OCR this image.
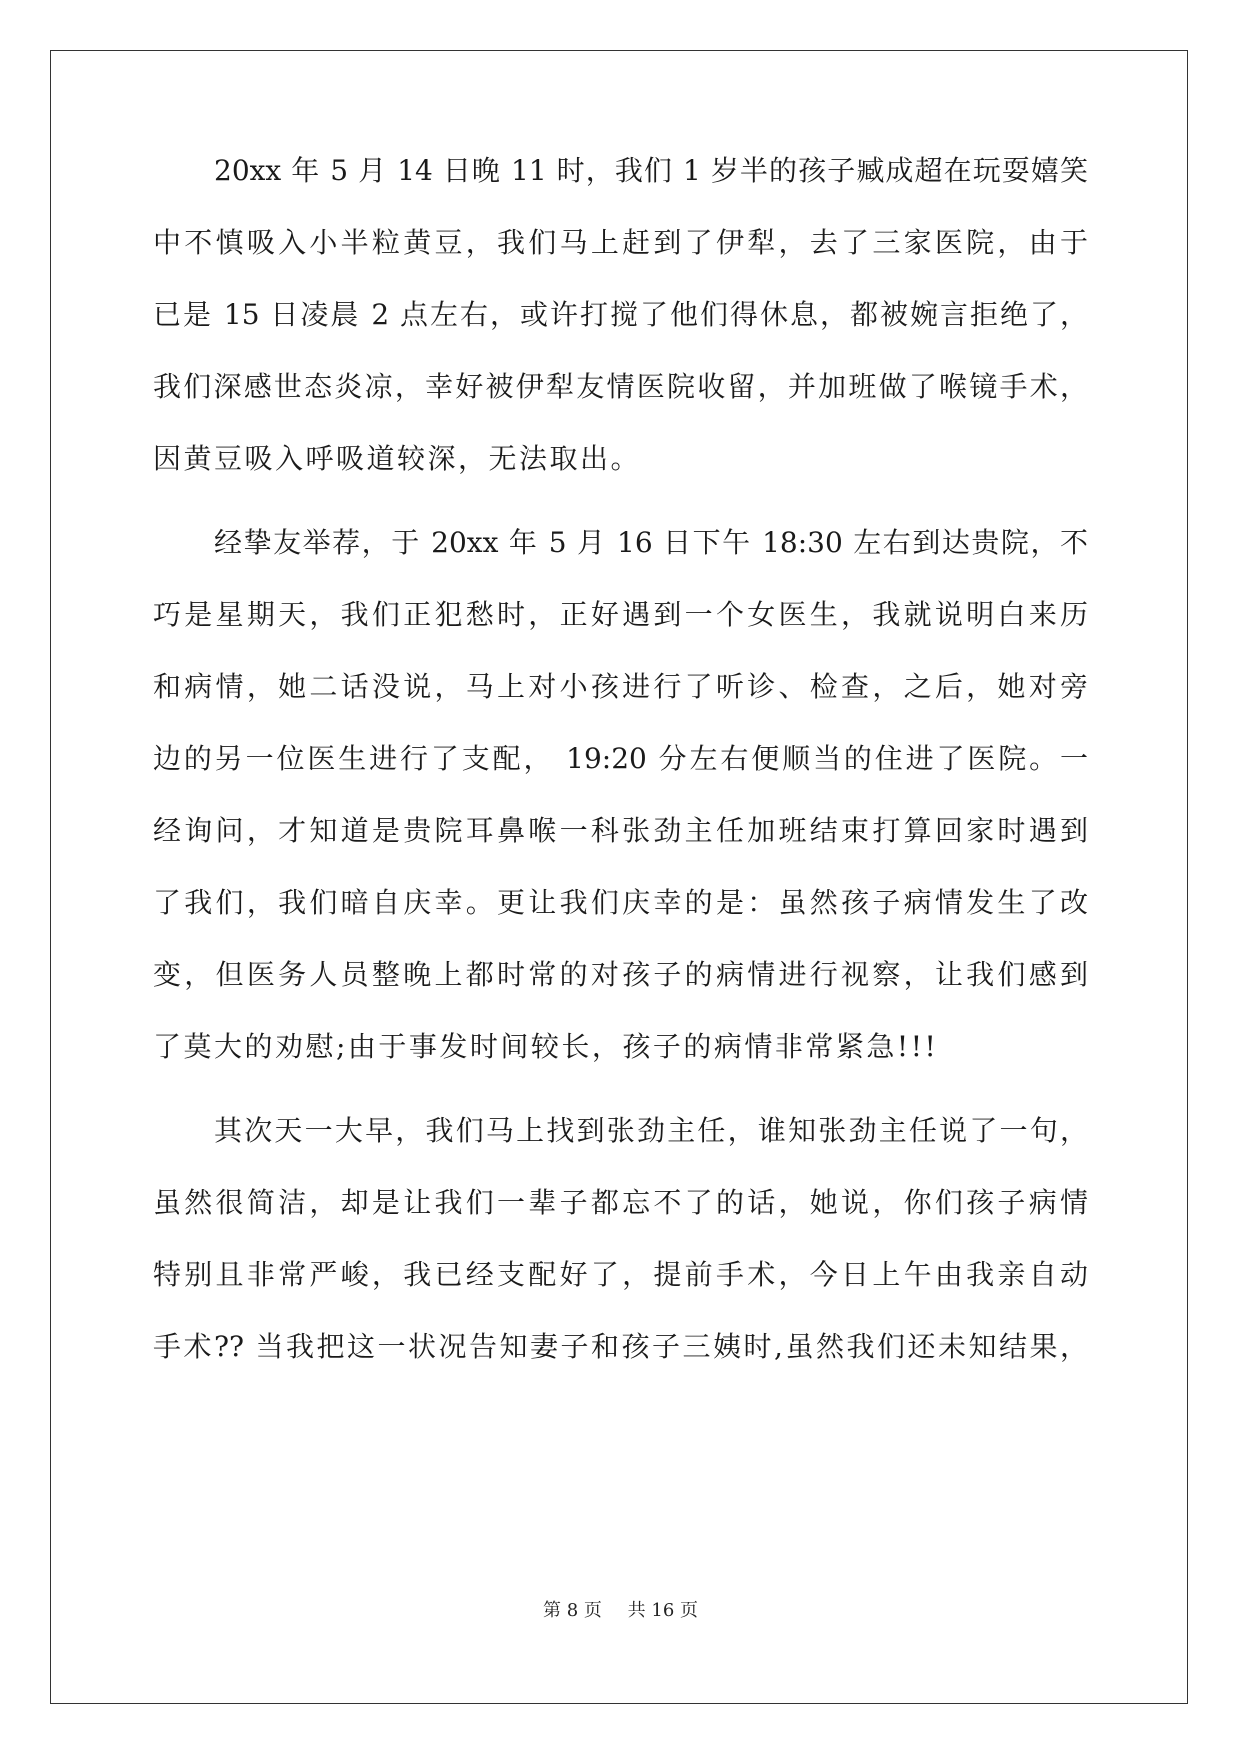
20xx 年 5 月 14 日晚 11 时，我们 1 岁半的孩子臧成超在玩耍嬉笑
中不慎吸入小半粒黄豆，我们马上赶到了伊犁，去了三家医院，由于
已是 15 日凌晨 2 点左右，或许打搅了他们得休息，都被婉言拒绝了，
我们深感世态炎凉，幸好被伊犁友情医院收留，并加班做了喉镜手术，
因黄豆吸入呼吸道较深，无法取出。
经挚友举荐，于 20xx 年 5 月 16 日下午 18:30 左右到达贵院，不
巧是星期天，我们正犯愁时，正好遇到一个女医生，我就说明白来历
和病情，她二话没说，马上对小孩进行了听诊、检查，之后，她对旁
边的另一位医生进行了支配， 19:20 分左右便顺当的住进了医院。一
经询问，才知道是贵院耳鼻喉一科张劲主任加班结束打算回家时遇到
了我们，我们暗自庆幸。更让我们庆幸的是：虽然孩子病情发生了改
变，但医务人员整晚上都时常的对孩子的病情进行视察，让我们感到
了莫大的劝慰;由于事发时间较长，孩子的病情非常紧急!!!
其次天一大早，我们马上找到张劲主任，谁知张劲主任说了一句，
虽然很简洁，却是让我们一辈子都忘不了的话，她说，你们孩子病情
特别且非常严峻，我已经支配好了，提前手术，今日上午由我亲自动
手术?? 当我把这一状况告知妻子和孩子三姨时,虽然我们还未知结果，
第 8 页 共 16 页
